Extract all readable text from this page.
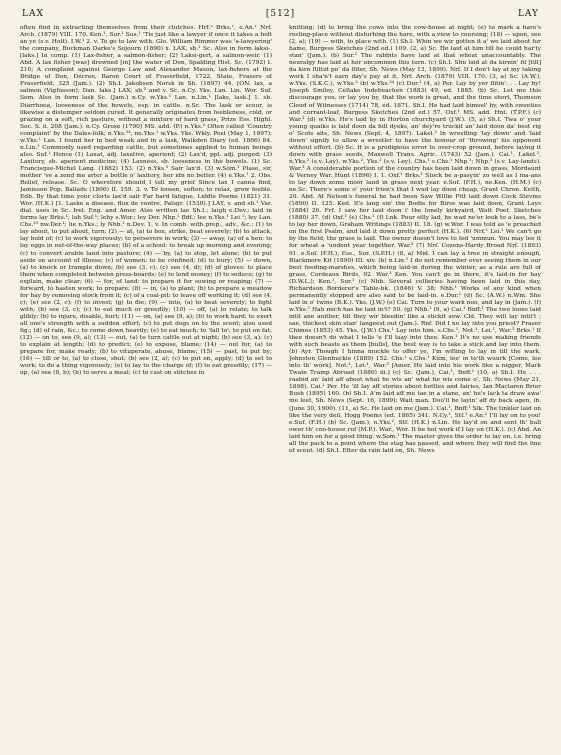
LAX	[512]	LAY

often find in extracting themselves from their clutches. Hrf.² Brks.¹, e.An.¹ Nrf. Arch. (1879) VIII. 170. Ken.¹, Sur.¹ Sus.¹ 'Tis just like a lawyer if once it takes a holt an ye (s.v. Holt). I.W.¹ 2. v. To go to law with. Glo. William Rimmer was 'a-lawyering' the company, Buckman Darke's Sojourn (1890) x. LAX, sb.¹ Sc. Also in form laksi-. [laks.] In comp. (1) Lax-fisher, a salmon-fisher; (2) Laksi-gert, a salmon-weir. (1) Abd. A lax fisher [was] drowned [in] the water of Don, Spalding Hist. Sc. (1792) I. 210; A complaint against George Law and Alexander Mason, lax-fishers at the Bridge of Don, Decree, Baron Court of Fraserfield, 1722, State, Frasers of Fraserfield, 325 (Jam.). (2) Sh.I. Jakobsen Norsk in Sh. (1897) 44. [ON. lax, a salmon (Vigfusson); Dan. laks.] LAX, sb.² and v. Sc. n.Cy. Yks. Lan. Lin. Wor. Suf. Som. Also in form lask Sc. (Jam.) n.Cy. w.Yks.¹ Lan. n.Lin.¹ [laks, lask.] 1. sb. Diarrhoea, looseness of the bowels, esp. in cattle. n.Sc. The lask or scour, is likewise a distemper seldom cured. It generally originates from feebleness, cold, or grazing on a soft, rich pasture, without a mixture of hard grass, Prize Ess. Highl. Soc. S. ii. 208 (Jam.). n.Cy. Grose (1790) MS. add. (P.) n.Yks.² Often called 'Country complaint' by the Dales-folk; n.Yks.²⁴, ne.Yks.¹ w.Yks. Yks. Wkly. Post (May 1, 1897); w.Yks.¹ Lan. I found her in bed weak and in a lask, Walkden Diary (ed. 1866) 84. n.Lin.¹ Commonly used regarding cattle, but sometimes applied to human beings also. Suf.¹ Hence (1) Laxat, adj. laxative, aperient; (2) Lax'd, ppl. adj. purged; (3) Laxitory, sb. aperient medicine; (4) Laxness, sb. looseness in the bowels. (1) Sc. Francisque-Michel Lang. (1882) 153. (2) n.Yks.² Sair lax'd. (3) w.Som.¹ Plase, sir, mother 've a zend me arter a bottle o' laxitory, her idn no better. (4) e.Yks.¹ 2. Obs. Relief, release. Sc. O wherefore should I tell my grief Since lax I canna find, Jamieson Pop. Ballads (1806) II. 159. 3. v. To loosen, soften; to relax, grow feeble. Edb. By that time your clorts lax'd sair Far hard fatigue, Liddle Poems (1821) 31. Wor. (H.K.) [1. Laske a disease, flux de ventre, Palsgr. (1530).] LAY, v. and sb.¹ Var. dial. uses in Sc. Irel. Eng. and Amer. Also written lae Sh.I.; laigh e.Dev.; laid in forms lay Brks.¹; lah Suf.¹; lehy s.Wor.; ley Der. Nhp.² Bdf.; lee n.Yks.¹ Lei.¹; ley Lan. Chs.¹³ nw.Der.¹; lie n.Yks.; ly Nhb.¹ n.Dev. 1. v. In comb. with prep., adv., &c.: (1) to lay about, to put about, turn; (2) — at, (a) to box, strike, beat severely; (b) to attack, lay hold of; (c) to work vigorously; to persevere in work; (3) — away, (a) of a hen: to lay eggs in out-of-the-way places; (b) of a school: to break up morning and evening; (c) to convert arable land into pasture; (4) — by, (a) to stop, let alone; (b) to put aside on account of illness; (c) of women: to be confined; (d) to bury; (5) — down, (a) to knock or trample down; (b) see (3, c); (c) see (4, d); (d) of gloves: to place them when completed between press-boards; (e) to lend money; (f) to seduce; (g) to explain, make clear; (6) — for, of land: to prepare it for sowing or reaping; (7) — forward, to hasten work; to prepare; (8) — in, (a) to plant; (b) to prepare a meadow for hay by removing stock from it; (c) of a coal-pit: to leave off working it; (d) see (4, c); (e) see (2, c); (f) to invest; (g) to die; (9) — into, (a) to beat severely; to fight with; (b) see (3, c); (c) to eat much or greedily; (10) — off, (a) to relate; to talk glibly; (b) to injure, disable, hurt; (11) — on, (a) see (9, a); (b) to work hard; to exert all one's strength with a sudden effort; (c) to put dogs on to the scent; also used fig.; (d) of rain, &c.: to come down heavily; (e) to eat much; to 'fall to'; to put on fat; (12) — on to, see (9, a); (13) — out, (a) to turn cattle out at night; (b) see (3, a); (c) to explain at length; (d) to predict; (e) to expose, blame; (14) — out for, (a) to prepare for, make ready; (b) to vituperate, abuse, blame; (15) — past, to put by; (16) — till or to, (a) to close, shut; (b) see (2, a); (c) to put on, apply; (d) to set to work; to do a thing vigorously; (e) to lay to the charge of; (f) to eat greedily; (17) — up, (a) see (8, b); (b) to serve a meal; (c) to cast on stitches in

knitting; (d) to bring the cows into the cow-house at night; (e) to mark a hare's resting-place without disturbing the hare, with a view to coursing; (18) — upon, see (2, a); (19) — with, to place with. (1) Sh.I. Whin we wir gotten it a' we laid aboot fur hame, Burgess Sketches (2nd ed.) 109. (2, a) Sc. He laid at him till he could har'ly stan' (Jam.). (b) Sur.¹ The rabbits have laid at that wheat unaccountably. The neuralgy has laid at her uncommon this turn. (c) Sh.I. Shu laid at da kirnin' fil [till] da kirn flittid po' da fliter, Sh. News (May 13, 1899). Nrf. If I don't lay at my taking work I sha'n't earn day's pay at it, Nrf. Arch. (1879) VIII. 170. (3, a) Sc. (A.W.), w.Yks. (S.K.C.), w.Yks.² (b) w.Yks.²⁴ (c) Dur.¹ (4, a) Per. Lay by yer flitin'. . . Lay by! Joseph Smiley, Cellake Indebeachen (1883) 49, ed. 1885. (b) Sc. Let me this discourage you, or lay you by, that the work is great, and the time short, Thomson Cloud of Witnesses (1714) 78, ed. 1871. Sh.I. He had laid himsel' by, with sweeties and currant-loaf, Burgess Sketches (2nd ed.) 57. Oxf.¹ MS. add. Hnt. (T.P.F.) (c) War.³ (d) w.Yks. He's laid by in Horton churchyard (J.W.). (5, a) Sh.I. Twa o' your young quaiks is laid doon da hill dyeks, an' dey're truckit an' laid doon da' best rig o' Scots aits, Sh. News (Sept. 4, 1897). Lakel.² In wrestling 'lay down' and 'laid down' signify to allow a wrestler to have the honour of 'throwing' his opponent without effort. (b) Sc. It is a prodigious error to over-crop ground, before laying it down with grass seeds, Maxwell Trans. Agric. (1743) 52 (Jam.). Cai.¹, Lakel.², n.Yks.² (s.v. Lay), w.Yks.², Yks.² (s.v. Ley). Chs.¹ s.Chs.¹ Nhp.¹; Nhp.² (s.v. Lay-lands). War.³ A considerable portion of the country has been laid down in grass, Mordaunt & Verney War. Hunt (1896) I. 1. Oxf.¹ Brks.¹ Stock be a-pasyin' zo well as I ma-ans to lay down zome moor land in grass next year. e.Suf. (F.H.), ne.Ken. (H.M.) (c) ne.Sc. There's some o' your frien's that I wud lay doon cheap, Grant Chron. Keith, 20. Abd. At Nelson's funeral he had been Saw Willie Pitt laid down Cock Stevins (1890) II. 125. Ked. It's lang sin' the Bodie for Birse was laid doon, Grant Lays (1884) 26. Frf. I saw her laid doon i' the lonely kirkyaird, Watt Poet. Sketches (1880) 37. (d) Oxf.¹ (e) Chs.¹ (f) Lnk. Pour silly lad, he wad ne'er look to a lass, be's to lay her down, Graham Writings (1883) II. 18. (g) w.Wor. I was told as 'e preached on the first Psalm, and laid it down pretty perfect (H.K.). (6) Nrf.¹ Lei.¹ We can't go by the field, the grass is laid. The owner doesn't love to fed 'ummun. You may lee it for wheat a 'undent year together. War.³ (7) Nrf. Cozens-Hardy Broad Nrf. (1893) 91. e.Suf. (F.H.), Ess., Sur. (S.P.H.) (8, a) Mid. I can lay a tree in straight enough, Blackmore Kit (1890) III. xiv. (b) n.Lin.¹ I do not remember ever seeing them in our best feeding-marshes, which being laid-in during the winter, as a rule are full of grass, Cordeaux Birds, 92. War.³ Ken. You can't go in there, it's laid-in for hay (D.W.L.); Ken.¹, Sur.¹ (c) Nhb. Several collieries having been laid in this day, Richardson Borderer's Table-bk. (1846) V. 38; Nhb.¹ Works of any kind when permanently stopped are also said to be laid-in. e.Dur.¹ (d) Sc. (A.W.) n.Wm. She laid in o' twins (B.K.). Yks. (J.W.) (e) Cai. Turn to your wark noo, and lay in (Jam.). (f) w.Yks.² Hah mich has he laid in't? 50. (g) Nhb.¹ (9, a) Cai.¹ Bnff.¹ The two loons laid intil ane anither, till they wir bleedin' like a stickit sow. Cld. They will lay intil't ; sae, thickest skin stan' langeest out (Jam.). Rnf. Did I no lay into you priest? Fraser Chimes (1853) 45. Yks. (J.W.) Chs.¹ Lay into him. s.Chs.¹, Not.¹, Lei.¹, War.³ Brks.¹ If thee doesn't do what I tells 'e I'll laay into thee. Ken.¹ It's no use making friends with such beasts as them [bulls], the best way is to take a stick and lay into them. (b) Ayr. Though I hinna muckle to offer ye, I'm willing to lay in till the wark, Johnston Glenbuckie (1889) 152. Chs.¹ s.Chs.¹ Kum, lee' in to'th wuurk [Come, lee into th' work]. Not.¹, Lei.¹, War.³ [Amer. He laid into his work like a nigger, Mark Twain Tramp Abroad (1880) iii.] (c) Sc. (Jam.), Cai.¹, Bnff.¹ (10, a) Sh.I. He . . . raabid an' laid aff aboot what he wis an' what he wis come o', Sh. News (May 21, 1898). Cai.¹ Per. He 'ill lay aff stories aboot bottles and fairies, Ian Maclaren Brier Bush (1895) 160. (b) Sh.I. A'm laid aff me tae in a stane, an' he's lack ta draw awa' me leet, Sh. News (Sept. 16, 1899); Wait man. Doo'll be layin' aff dy back agen, ib. (June 30, 1900). (11, a) Sc. He laid on me (Jam.). Cai.¹, Bnff.¹ Slk. The tinkler laid on like the very deil, Hogg Poems (ed. 1865) 341. N.Cy.¹, Stf.¹ e.An.¹ I'll lay on to you! e.Suf. (F.H.) (b) Sc. (Jam.), n.Yks.², Stf. (H.K.) n.Lin. He lay'd on and sent th' ball ower th' coo-house ruf (M.P.). War., Wor. It be hot work if I lay on (H.K.). (c) Abd. An laid him on for a good thing. w.Som.¹ The master gives the order to lay on, i.e. bring all the pack to a point where the stag has passed, and where they will find the line of scent. (d) Sh.I. Efter da rain laid on, Sh. News
